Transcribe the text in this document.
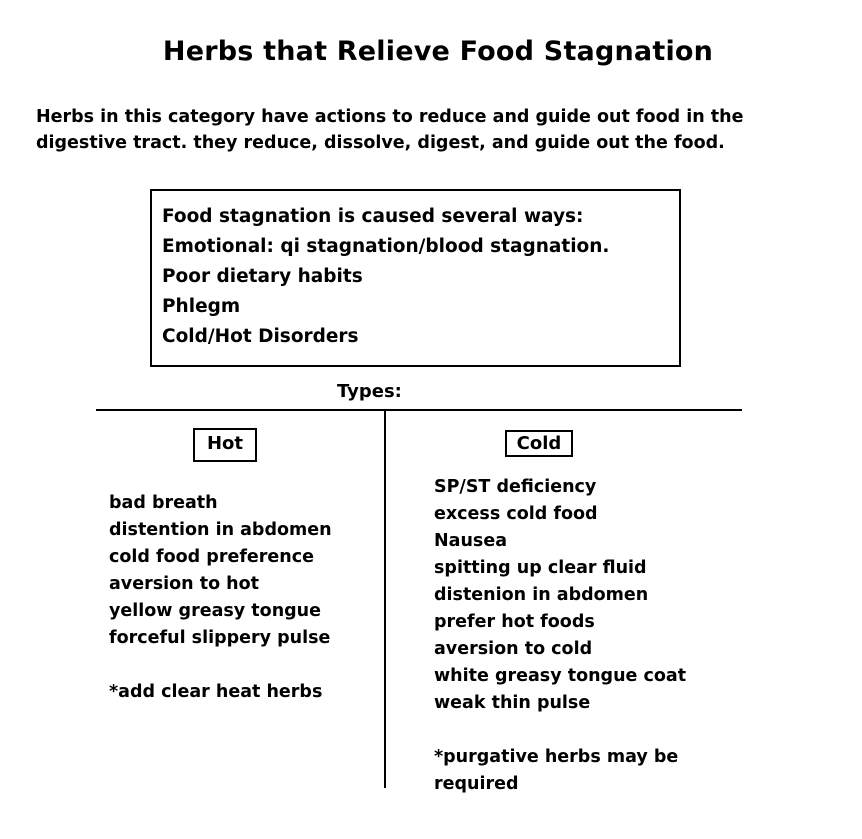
Herbs that Relieve Food Stagnation
Herbs in this category have actions to reduce and guide out food in the
digestive tract. they reduce, dissolve, digest, and guide out the food.
Food stagnation is caused several ways:
Emotional: qi stagnation/blood stagnation.
Poor dietary habits
Phlegm
Cold/Hot Disorders
Types:
Hot	Cold
bad breath
distention in abdomen
cold food preference
aversion to hot
yellow greasy tongue
forceful slippery pulse
*add clear heat herbs
SP/ST deficiency
excess cold food
Nausea
spitting up clear fluid
distenion in abdomen
prefer hot foods
aversion to cold
white greasy tongue coat
weak thin pulse
*purgative herbs may be required
